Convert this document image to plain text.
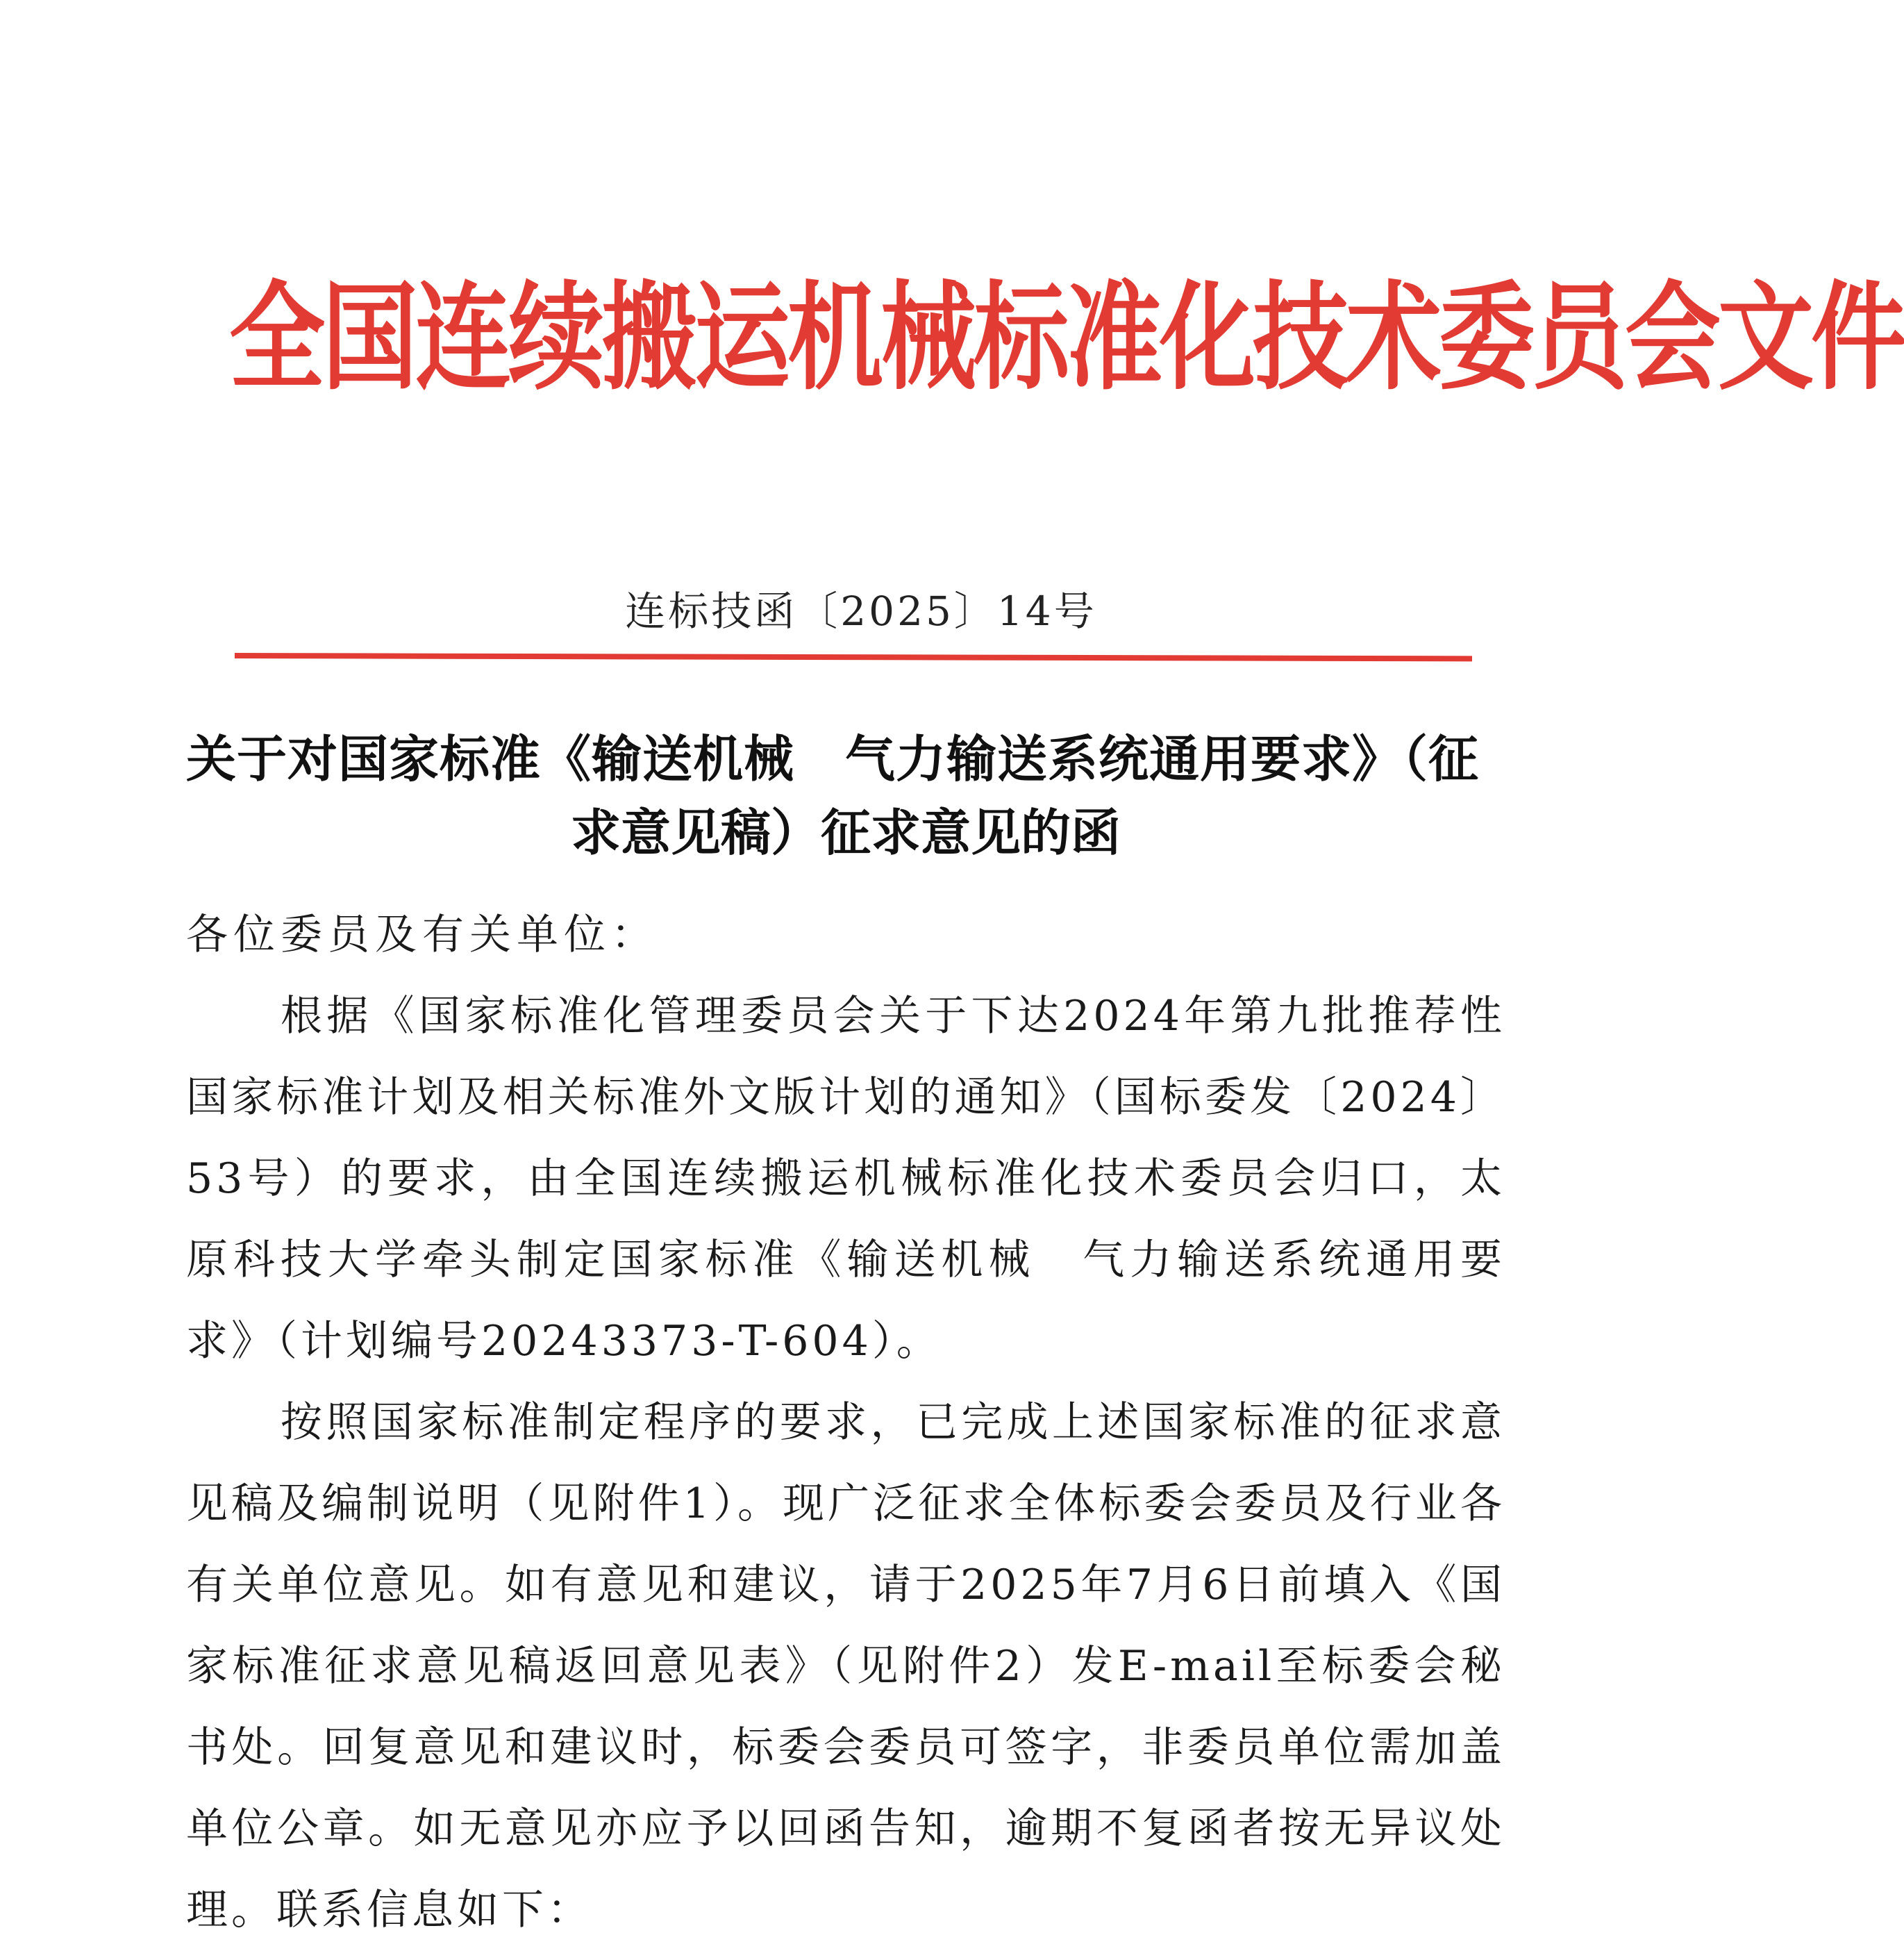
全国连续搬运机械标准化技术委员会文件
连标技函〔2025〕14号
关于对国家标准《输送机械　气力输送系统通用要求》（征
求意见稿）征求意见的函

各位委员及有关单位：

根据《国家标准化管理委员会关于下达2024年第九批推荐性国家标准计划及相关标准外文版计划的通知》（国标委发〔2024〕53号）的要求，由全国连续搬运机械标准化技术委员会归口，太原科技大学牵头制定国家标准《输送机械　气力输送系统通用要求》（计划编号20243373-T-604）。

按照国家标准制定程序的要求，已完成上述国家标准的征求意见稿及编制说明（见附件1）。现广泛征求全体标委会委员及行业各有关单位意见。如有意见和建议，请于2025年7月6日前填入《国家标准征求意见稿返回意见表》（见附件2）发E-mail至标委会秘书处。回复意见和建议时，标委会委员可签字，非委员单位需加盖单位公章。如无意见亦应予以回函告知，逾期不复函者按无异议处理。联系信息如下：
